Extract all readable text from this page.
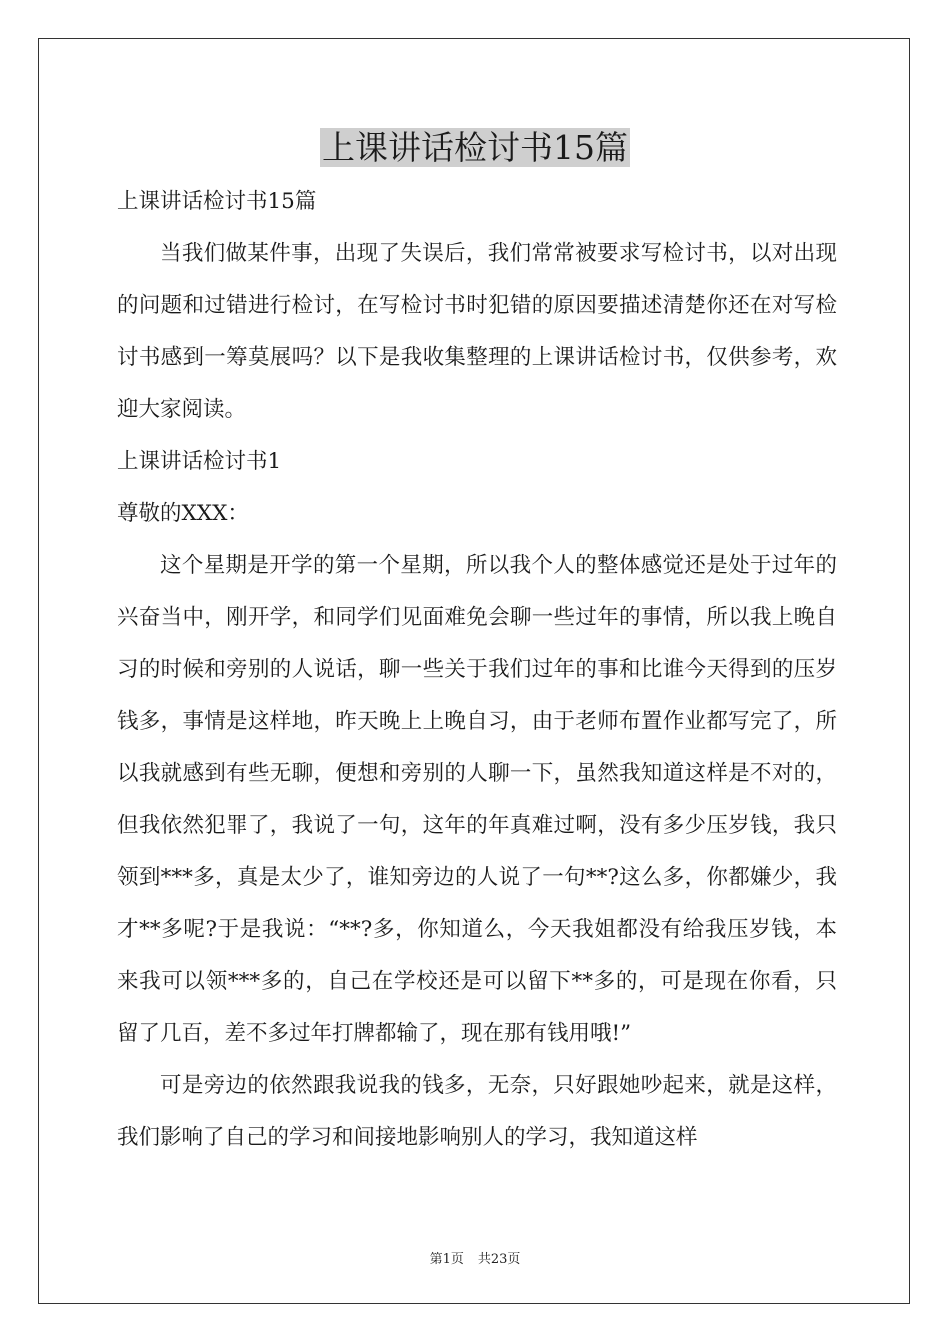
上课讲话检讨书15篇

上课讲话检讨书15篇

当我们做某件事，出现了失误后，我们常常被要求写检讨书，以对出现的问题和过错进行检讨，在写检讨书时犯错的原因要描述清楚你还在对写检讨书感到一筹莫展吗？以下是我收集整理的上课讲话检讨书，仅供参考，欢迎大家阅读。

上课讲话检讨书1

尊敬的XXX：

这个星期是开学的第一个星期，所以我个人的整体感觉还是处于过年的兴奋当中，刚开学，和同学们见面难免会聊一些过年的事情，所以我上晚自习的时候和旁别的人说话，聊一些关于我们过年的事和比谁今天得到的压岁钱多，事情是这样地，昨天晚上上晚自习，由于老师布置作业都写完了，所以我就感到有些无聊，便想和旁别的人聊一下，虽然我知道这样是不对的，但我依然犯罪了，我说了一句，这年的年真难过啊，没有多少压岁钱，我只领到***多，真是太少了，谁知旁边的人说了一句**?这么多，你都嫌少，我才**多呢?于是我说：“**?多，你知道么，今天我姐都没有给我压岁钱，本来我可以领***多的，自己在学校还是可以留下**多的，可是现在你看，只留了几百，差不多过年打牌都输了，现在那有钱用哦!”

可是旁边的依然跟我说我的钱多，无奈，只好跟她吵起来，就是这样，我们影响了自己的学习和间接地影响别人的学习，我知道这样

第1页 共23页
